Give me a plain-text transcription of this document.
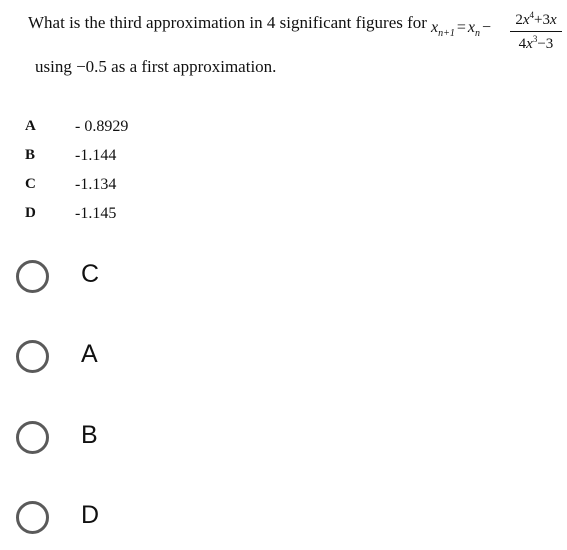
What is the third approximation in 4 significant figures for $x_{n+1} = x_n - \frac{2x^4+3x}{4x^3-3}$
using −0.5 as a first approximation.
A - 0.8929
B -1.144
C -1.134
D -1.145
C
A
B
D
